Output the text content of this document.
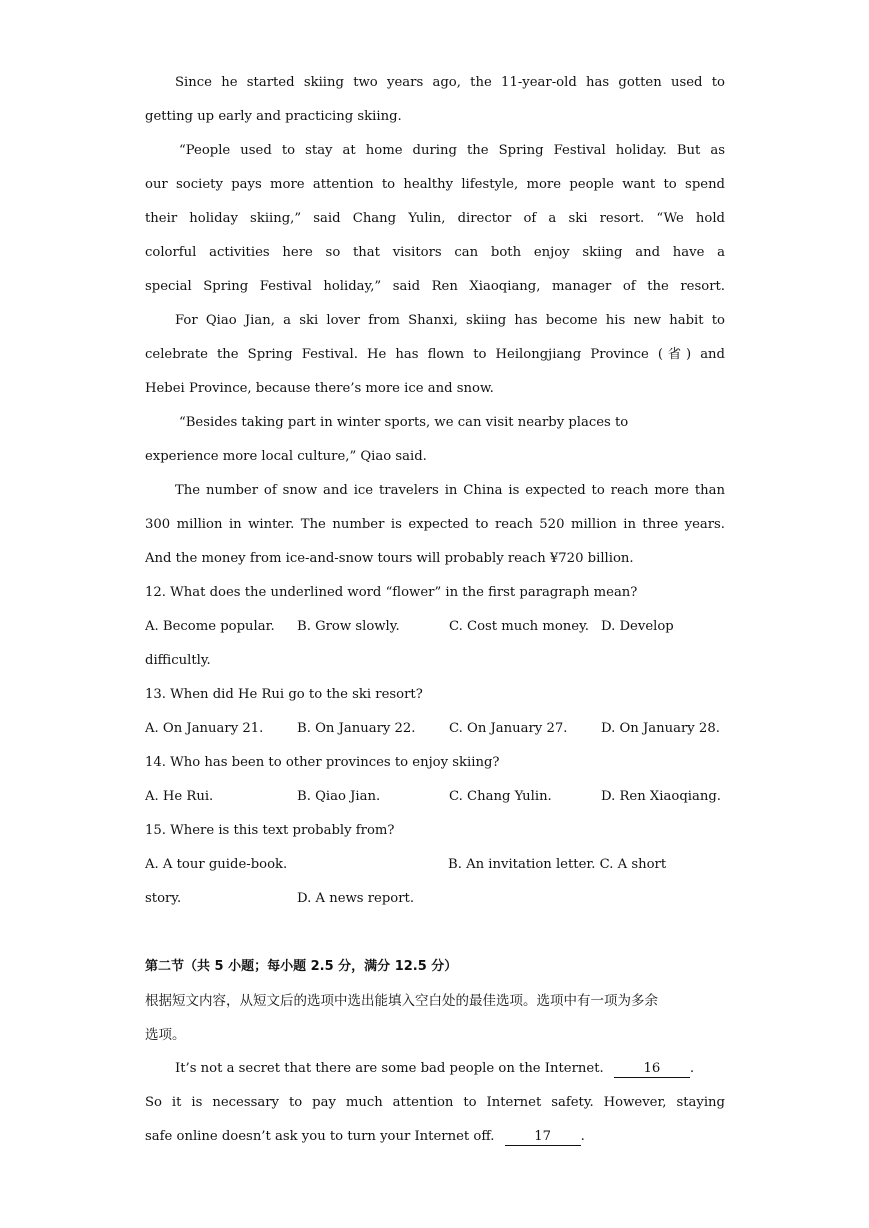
Since he started skiing two years ago, the 11-year-old has gotten used to
getting up early and practicing skiing.
“People used to stay at home during the Spring Festival holiday. But as
our society pays more attention to healthy lifestyle, more people want to spend
their holiday skiing,” said Chang Yulin, director of a ski resort. “We hold
colorful activities here so that visitors can both enjoy skiing and have a
special Spring Festival holiday,” said Ren Xiaoqiang, manager of the resort.
For Qiao Jian, a ski lover from Shanxi, skiing has become his new habit to
celebrate the Spring Festival. He has flown to Heilongjiang Province (省) and
Hebei Province, because there’s more ice and snow.
“Besides taking part in winter sports, we can visit nearby places to
experience more local culture,” Qiao said.
The number of snow and ice travelers in China is expected to reach more than
300 million in winter. The number is expected to reach 520 million in three years.
And the money from ice-and-snow tours will probably reach ¥720 billion.
12. What does the underlined word “flower” in the first paragraph mean?
A. Become popular.	B. Grow slowly.	C. Cost much money. D. Develop
difficultly.
13. When did He Rui go to the ski resort?
A. On January 21.	B. On January 22.	C. On January 27.	D. On January 28.
14. Who has been to other provinces to enjoy skiing?
A. He Rui.	B. Qiao Jian.	C. Chang Yulin.	D. Ren Xiaoqiang.
15. Where is this text probably from?
A. A tour guide-book.	B. An invitation letter. C. A short
story.	D. A news report.
第二节（共 5 小题；每小题 2.5 分，满分 12.5 分）
根据短文内容，从短文后的选项中选出能填入空白处的最佳选项。选项中有一项为多余
选项。
It’s not a secret that there are some bad people on the Internet.	16 .
So it is necessary to pay much attention to Internet safety. However, staying
safe online doesn’t ask you to turn your Internet off.	17 .
